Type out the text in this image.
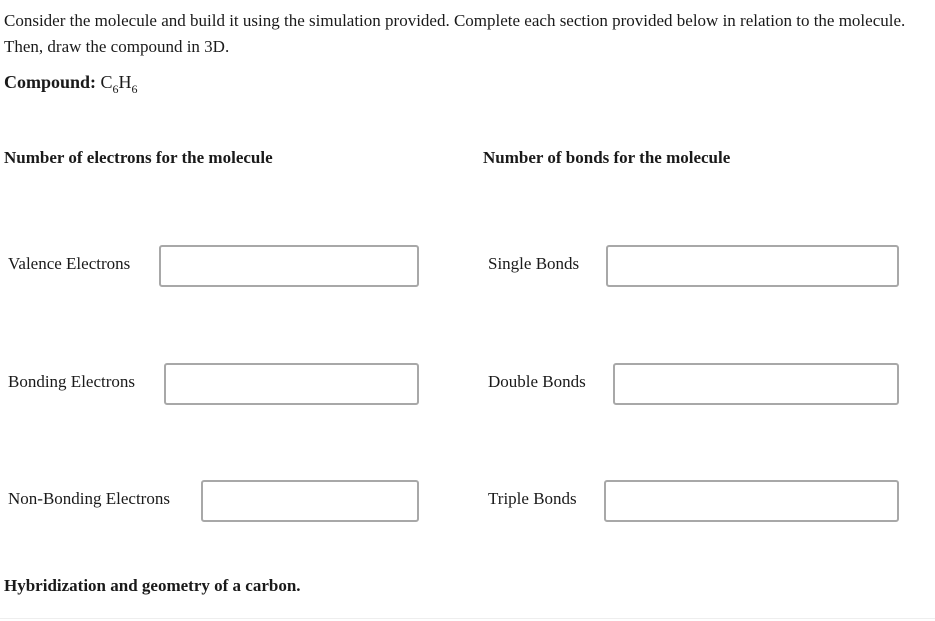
Consider the molecule and build it using the simulation provided. Complete each section provided below in relation to the molecule. Then, draw the compound in 3D.

Compound: $C_6H_6$

Number of electrons for the molecule
Valence Electrons
Bonding Electrons
Non-Bonding Electrons
Number of bonds for the molecule
Single Bonds
Double Bonds
Triple Bonds
Hybridization and geometry of a carbon.
